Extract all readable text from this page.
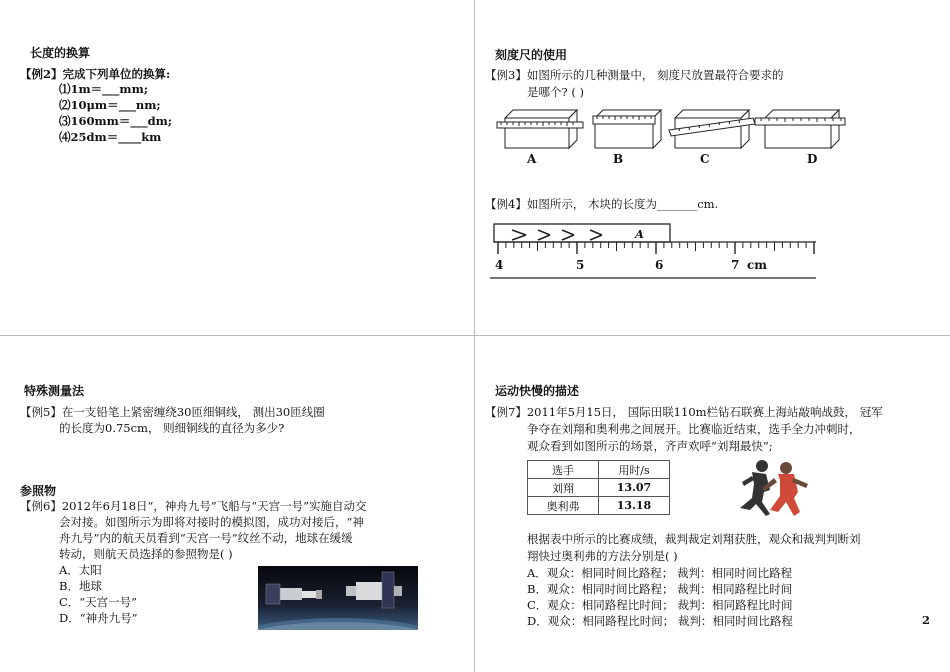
长度的换算
【例2】完成下列单位的换算:
⑴1m＝___mm;
⑵10μm＝___nm;
⑶160mm＝___dm;
⑷25dm＝____km
刻度尺的使用
【例3】如图所示的几种测量中， 刻度尺放置最符合要求的
是哪个? ( )
A	B	C	D
【例4】如图所示， 木块的长度为_______cm.
4	5	6	7 cm
A
特殊测量法
【例5】在一支铅笔上紧密缠绕30匝细铜线， 测出30匝线圈
的长度为0.75cm， 则细铜线的直径为多少?
参照物
【例6】2012年6月18日“，神舟九号”飞船与“天宫一号”实施自动交
会对接。如图所示为即将对接时的模拟图，成功对接后，“神
舟九号”内的航天员看到“天宫一号”纹丝不动，地球在缓缓
转动，则航天员选择的参照物是( )
A．太阳
B．地球
C．“天宫一号”
D．“神舟九号”
运动快慢的描述
【例7】2011年5月15日， 国际田联110m栏钻石联赛上海站敲响战鼓， 冠军
争夺在刘翔和奥利弗之间展开。比赛临近结束，选手全力冲刺时，
观众看到如图所示的场景，齐声欢呼“刘翔最快”;
选手	用时/s
刘翔	13.07
奥利弗	13.18
根据表中所示的比赛成绩，裁判裁定刘翔获胜，观众和裁判判断刘
翔快过奥利弗的方法分别是( )
A．观众：相同时间比路程； 裁判：相同时间比路程
B．观众：相同时间比路程； 裁判：相同路程比时间
C．观众：相同路程比时间； 裁判：相同路程比时间
D．观众：相同路程比时间； 裁判：相同时间比路程	2
